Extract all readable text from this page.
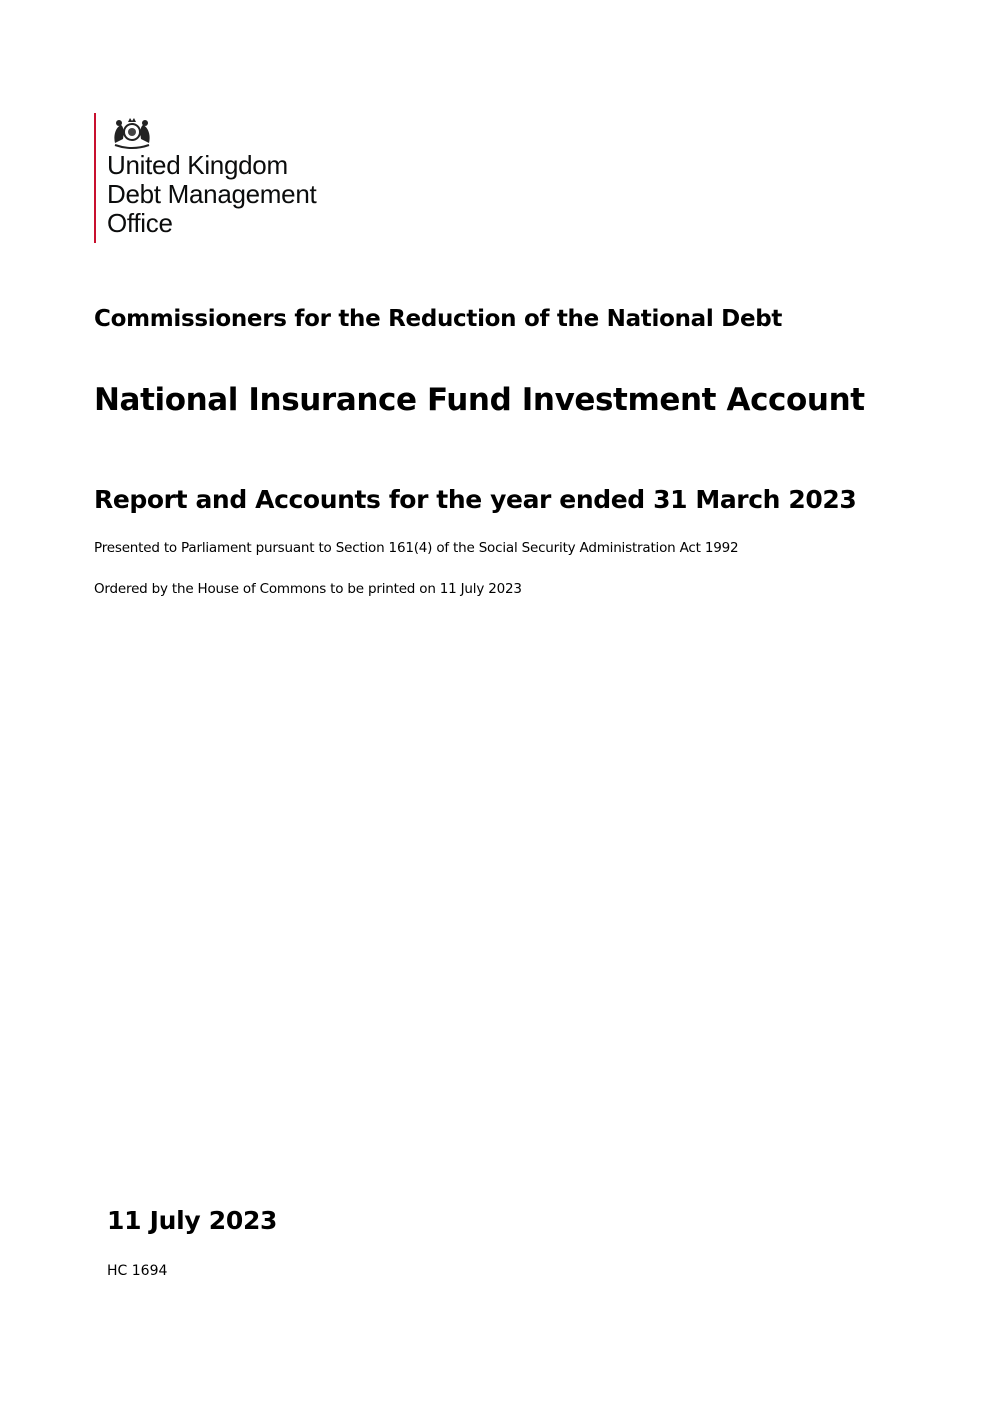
United Kingdom
Debt Management
Office
Commissioners for the Reduction of the National Debt
National Insurance Fund Investment Account
Report and Accounts for the year ended 31 March 2023

Presented to Parliament pursuant to Section 161(4) of the Social Security Administration Act 1992

Ordered by the House of Commons to be printed on 11 July 2023

11 July 2023

HC 1694
